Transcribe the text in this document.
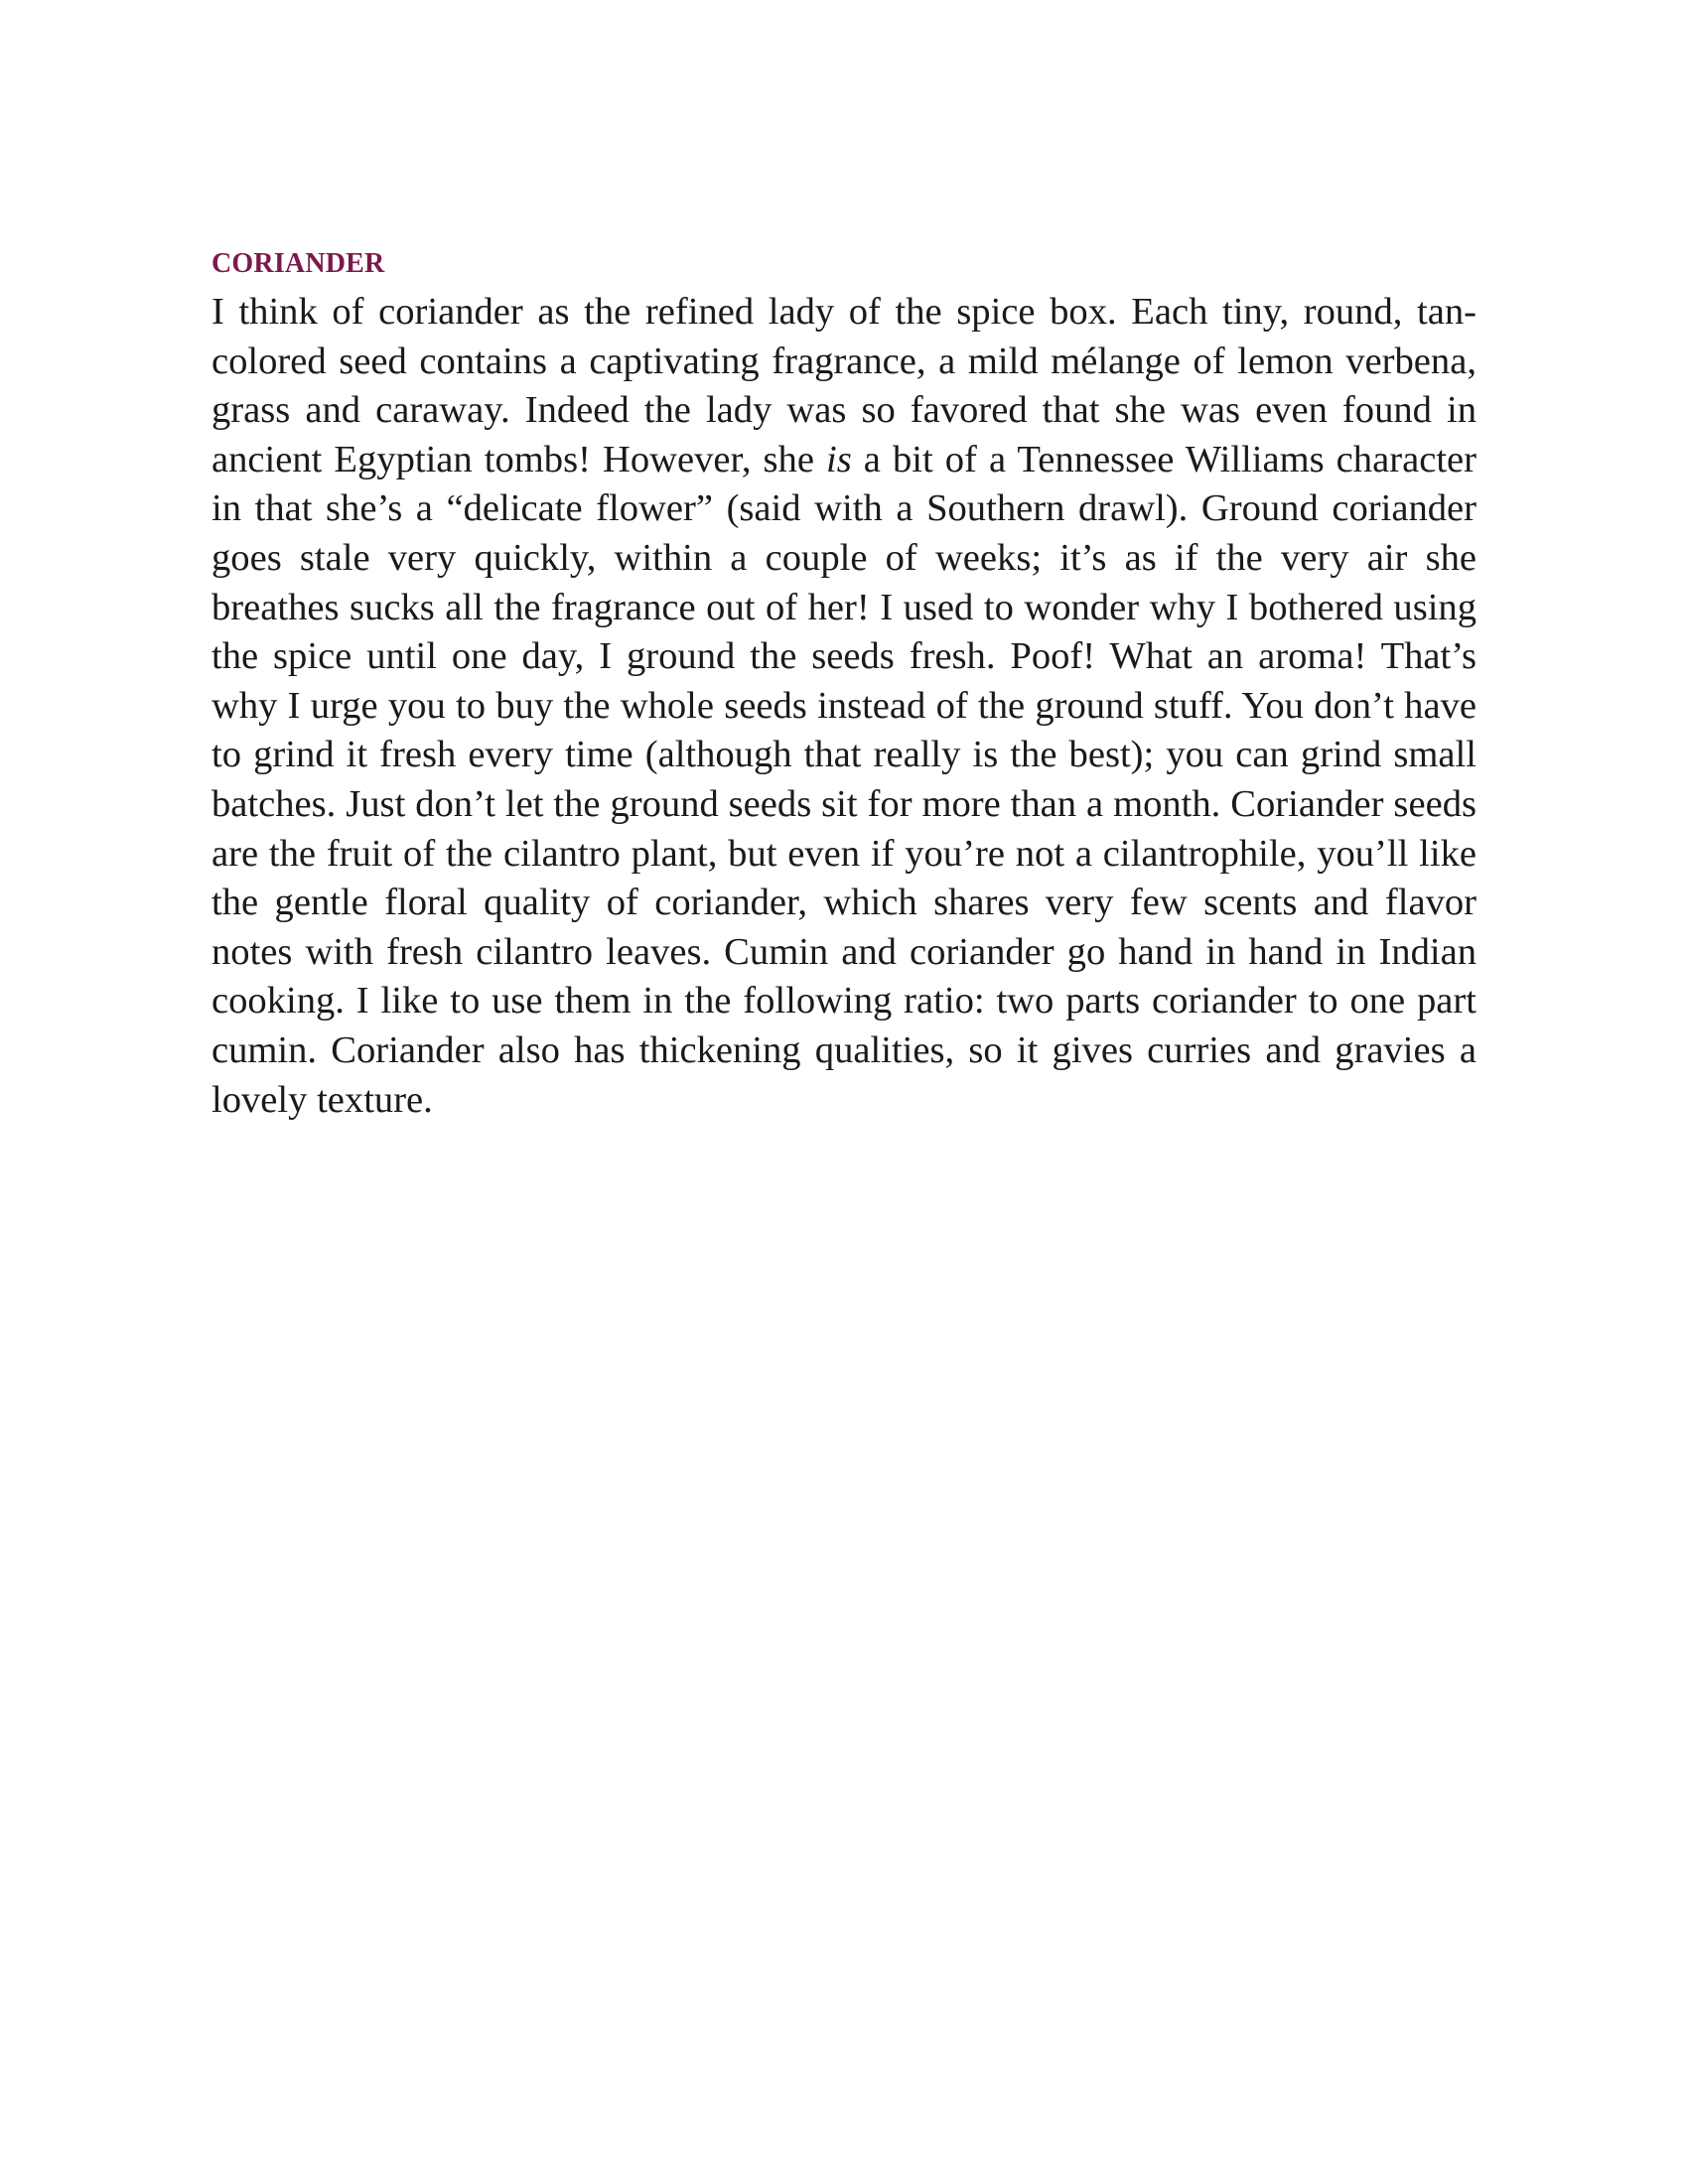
CORIANDER

I think of coriander as the refined lady of the spice box. Each tiny, round, tan-colored seed contains a captivating fragrance, a mild mélange of lemon verbena, grass and caraway. Indeed the lady was so favored that she was even found in ancient Egyptian tombs! However, she is a bit of a Tennessee Williams character in that she’s a “delicate flower” (said with a Southern drawl). Ground coriander goes stale very quickly, within a couple of weeks; it’s as if the very air she breathes sucks all the fragrance out of her! I used to wonder why I bothered using the spice until one day, I ground the seeds fresh. Poof! What an aroma! That’s why I urge you to buy the whole seeds instead of the ground stuff. You don’t have to grind it fresh every time (although that really is the best); you can grind small batches. Just don’t let the ground seeds sit for more than a month. Coriander seeds are the fruit of the cilantro plant, but even if you’re not a cilantrophile, you’ll like the gentle floral quality of coriander, which shares very few scents and flavor notes with fresh cilantro leaves. Cumin and coriander go hand in hand in Indian cooking. I like to use them in the following ratio: two parts coriander to one part cumin. Coriander also has thickening qualities, so it gives curries and gravies a lovely texture.
